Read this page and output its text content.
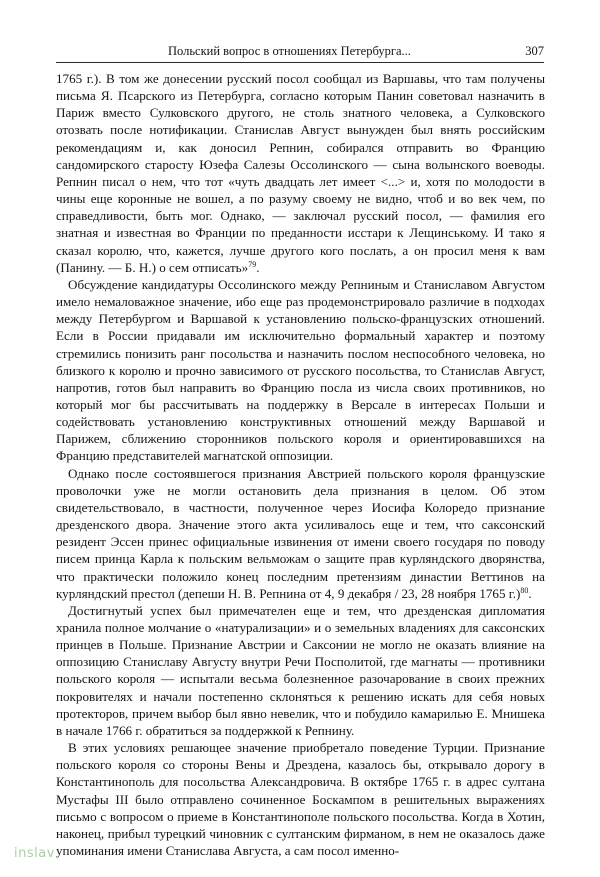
Польский вопрос в отношениях Петербурга...	307

1765 г.). В том же донесении русский посол сообщал из Варшавы, что там получены письма Я. Псарского из Петербурга, согласно которым Панин советовал назначить в Париж вместо Сулковского другого, не столь знатного человека, а Сулковского отозвать после нотификации. Станислав Август вынужден был внять российским рекомендациям и, как доносил Репнин, собирался отправить во Францию сандомирского старосту Юзефа Салезы Оссолинского — сына волынского воеводы. Репнин писал о нем, что тот «чуть двадцать лет имеет <...> и, хотя по молодости в чины еще коронные не вошел, а по разуму своему не видно, чтоб и во век чем, по справедливости, быть мог. Однако, — заключал русский посол, — фамилия его знатная и известная во Франции по преданности исстари к Лещинському. И тако я сказал королю, что, кажется, лучше другого кого послать, а он просил меня к вам (Панину. — Б. Н.) о сем отписать»$^{79}$.

Обсуждение кандидатуры Оссолинского между Репниным и Станиславом Августом имело немаловажное значение, ибо еще раз продемонстрировало различие в подходах между Петербургом и Варшавой к установлению польско-французских отношений. Если в России придавали им исключительно формальный характер и поэтому стремились понизить ранг посольства и назначить послом неспособного человека, но близкого к королю и прочно зависимого от русского посольства, то Станислав Август, напротив, готов был направить во Францию посла из числа своих противников, но который мог бы рассчитывать на поддержку в Версале в интересах Польши и содействовать установлению конструктивных отношений между Варшавой и Парижем, сближению сторонников польского короля и ориентировавшихся на Францию представителей магнатской оппозиции.

Однако после состоявшегося признания Австрией польского короля французские проволочки уже не могли остановить дела признания в целом. Об этом свидетельствовало, в частности, полученное через Иосифа Колоредо признание дрезденского двора. Значение этого акта усиливалось еще и тем, что саксонский резидент Эссен принес официальные извинения от имени своего государя по поводу писем принца Карла к польским вельможам о защите прав курляндского дворянства, что практически положило конец последним претензиям династии Веттинов на курляндский престол (депеши Н. В. Репнина от 4, 9 декабря / 23, 28 ноября 1765 г.)$^{80}$.

Достигнутый успех был примечателен еще и тем, что дрезденская дипломатия хранила полное молчание о «натурализации» и о земельных владениях для саксонских принцев в Польше. Признание Австрии и Саксонии не могло не оказать влияние на оппозицию Станиславу Августу внутри Речи Посполитой, где магнаты — противники польского короля — испытали весьма болезненное разочарование в своих прежних покровителях и начали постепенно склоняться к решению искать для себя новых протекторов, причем выбор был явно невелик, что и побудило камарилью Е. Мнишека в начале 1766 г. обратиться за поддержкой к Репнину.

В этих условиях решающее значение приобретало поведение Турции. Признание польского короля со стороны Вены и Дрездена, казалось бы, открывало дорогу в Константинополь для посольства Александровича. В октябре 1765 г. в адрес султана Мустафы III было отправлено сочиненное Боскампом в решительных выражениях письмо с вопросом о приеме в Константинополе польского посольства. Когда в Хотин, наконец, прибыл турецкий чиновник с султанским фирманом, в нем не оказалось даже упоминания имени Станислава Августа, а сам посол именно-

inslav
